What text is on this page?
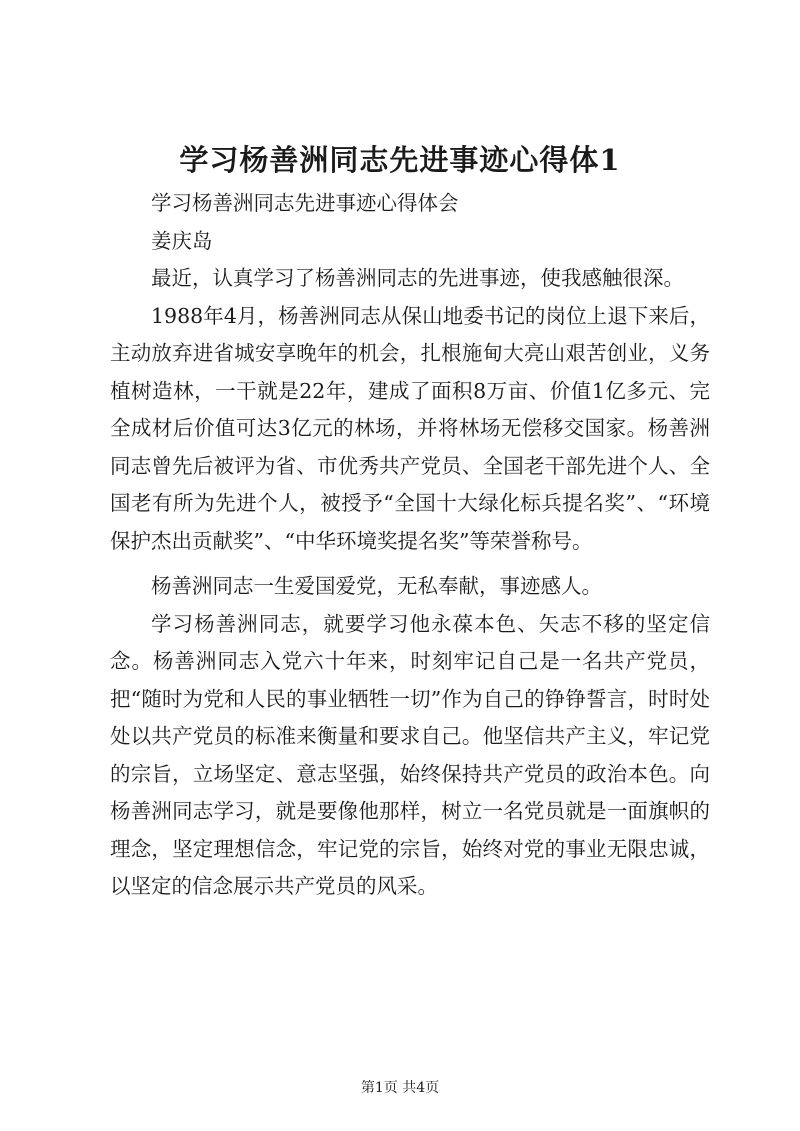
学习杨善洲同志先进事迹心得体1

学习杨善洲同志先进事迹心得体会

姜庆岛

最近，认真学习了杨善洲同志的先进事迹，使我感触很深。

1988年4月，杨善洲同志从保山地委书记的岗位上退下来后，主动放弃进省城安享晚年的机会，扎根施甸大亮山艰苦创业，义务植树造林，一干就是22年，建成了面积8万亩、价值1亿多元、完全成材后价值可达3亿元的林场，并将林场无偿移交国家。杨善洲同志曾先后被评为省、市优秀共产党员、全国老干部先进个人、全国老有所为先进个人，被授予“全国十大绿化标兵提名奖”、“环境保护杰出贡献奖”、“中华环境奖提名奖”等荣誉称号。

杨善洲同志一生爱国爱党，无私奉献，事迹感人。

学习杨善洲同志，就要学习他永葆本色、矢志不移的坚定信念。杨善洲同志入党六十年来，时刻牢记自己是一名共产党员，把“随时为党和人民的事业牺牲一切”作为自己的铮铮誓言，时时处处以共产党员的标准来衡量和要求自己。他坚信共产主义，牢记党的宗旨，立场坚定、意志坚强，始终保持共产党员的政治本色。向杨善洲同志学习，就是要像他那样，树立一名党员就是一面旗帜的理念，坚定理想信念，牢记党的宗旨，始终对党的事业无限忠诚，以坚定的信念展示共产党员的风采。

第1页 共4页
